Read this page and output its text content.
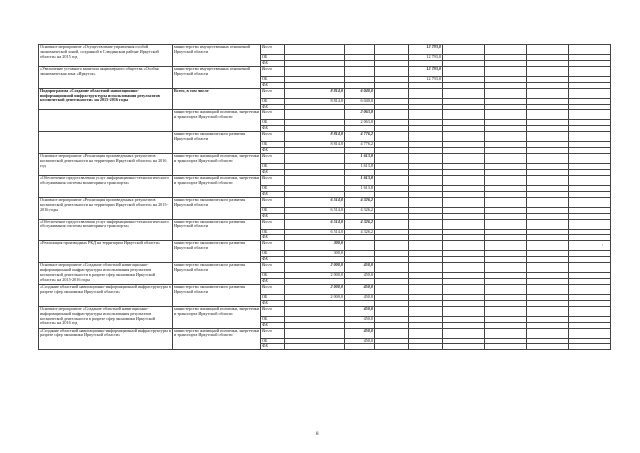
Основное мероприятие «Осуществление управления особой экономической зоной, созданной в Слюдянском районе Иркутской области» на 2015 год	министерство имущественных отношений Иркутской области	Всего				12 793,0				
		ОБ				12 793,0				
		ФБ								
«Увеличение уставного капитала акционерного общества «Особая экономическая зона «Иркутск»	министерство имущественных отношений Иркутской области	Всего				12 793,0				
		ОБ				12 793,0				
		ФБ								
Подпрограмма «Создание областной навигационно-информационной инфраструктуры использования результатов космической деятельности» на 2015-2016 годы	Всего, в том числе	Всего	8 814,0	6 040,0						
		ОБ	8 814,0	6 040,0						
		ФБ								
	министерство жилищной политики, энергетики и транспорта Иркутской области	Всего		2 063,8						
		ОБ		2 063,8						
		ФБ								
	министерство экономического развития Иркутской области	Всего	8 814,0	4 776,2						
		ОБ	8 814,0	4 776,2						
		ФБ								
Основное мероприятие «Реализация произведенных результатов космической деятельности на территории Иркутской области» на 2016 год	министерство жилищной политики, энергетики и транспорта Иркутской области	Всего		1 613,8						
		ОБ		1 613,8						
		ФБ								
«Обеспечение предоставления услуг информационно-технологического обслуживания системы мониторинга транспорта»	министерство жилищной политики, энергетики и транспорта Иркутской области	Всего		1 613,8						
		ОБ		1 613,8						
		ФБ								
Основное мероприятие «Реализация произведенных результатов космической деятельности на территории Иркутской области» на 2015-2016 годы	министерство экономического развития Иркутской области	Всего	6 514,0	4 326,2						
		ОБ	6 514,0	4 326,2						
		ФБ								
«Обеспечение предоставления услуг информационно-технологического обслуживания системы мониторинга транспорта»	министерство экономического развития Иркутской области	Всего	6 514,0	4 326,2						
		ОБ	6 514,0	4 326,2						
		ФБ								
«Реализация производных РКД на территории Иркутской области»	министерство экономического развития Иркутской области	Всего	300,0							
		ОБ	300,0							
		ФБ								
Основное мероприятие «Создание областной навигационно-информационной инфраструктуры использования результатов космической деятельности в разрезе сфер экономики Иркутской области» на 2015-2016 годы	министерство экономического развития Иркутской области	Всего	2 000,0	450,0						
		ОБ	2 000,0	450,0						
		ФБ								
«Создание областной навигационно-информационной инфраструктуры в разрезе сфер экономики Иркутской области»	министерство экономического развития Иркутской области	Всего	2 000,0	450,0						
		ОБ	2 000,0	450,0						
		ФБ								
Основное мероприятие «Создание областной навигационно-информационной инфраструктуры использования результатов космической деятельности в разрезе сфер экономики Иркутской области» на 2016 год	министерство жилищной политики, энергетики и транспорта Иркутской области	Всего		450,0						
		ОБ		450,0						
		ФБ								
«Создание областной навигационно-информационной инфраструктуры в разрезе сфер экономики Иркутской области»	министерство жилищной политики, энергетики и транспорта Иркутской области	Всего		450,0						
		ОБ		450,0						
		ФБ								
'
8
